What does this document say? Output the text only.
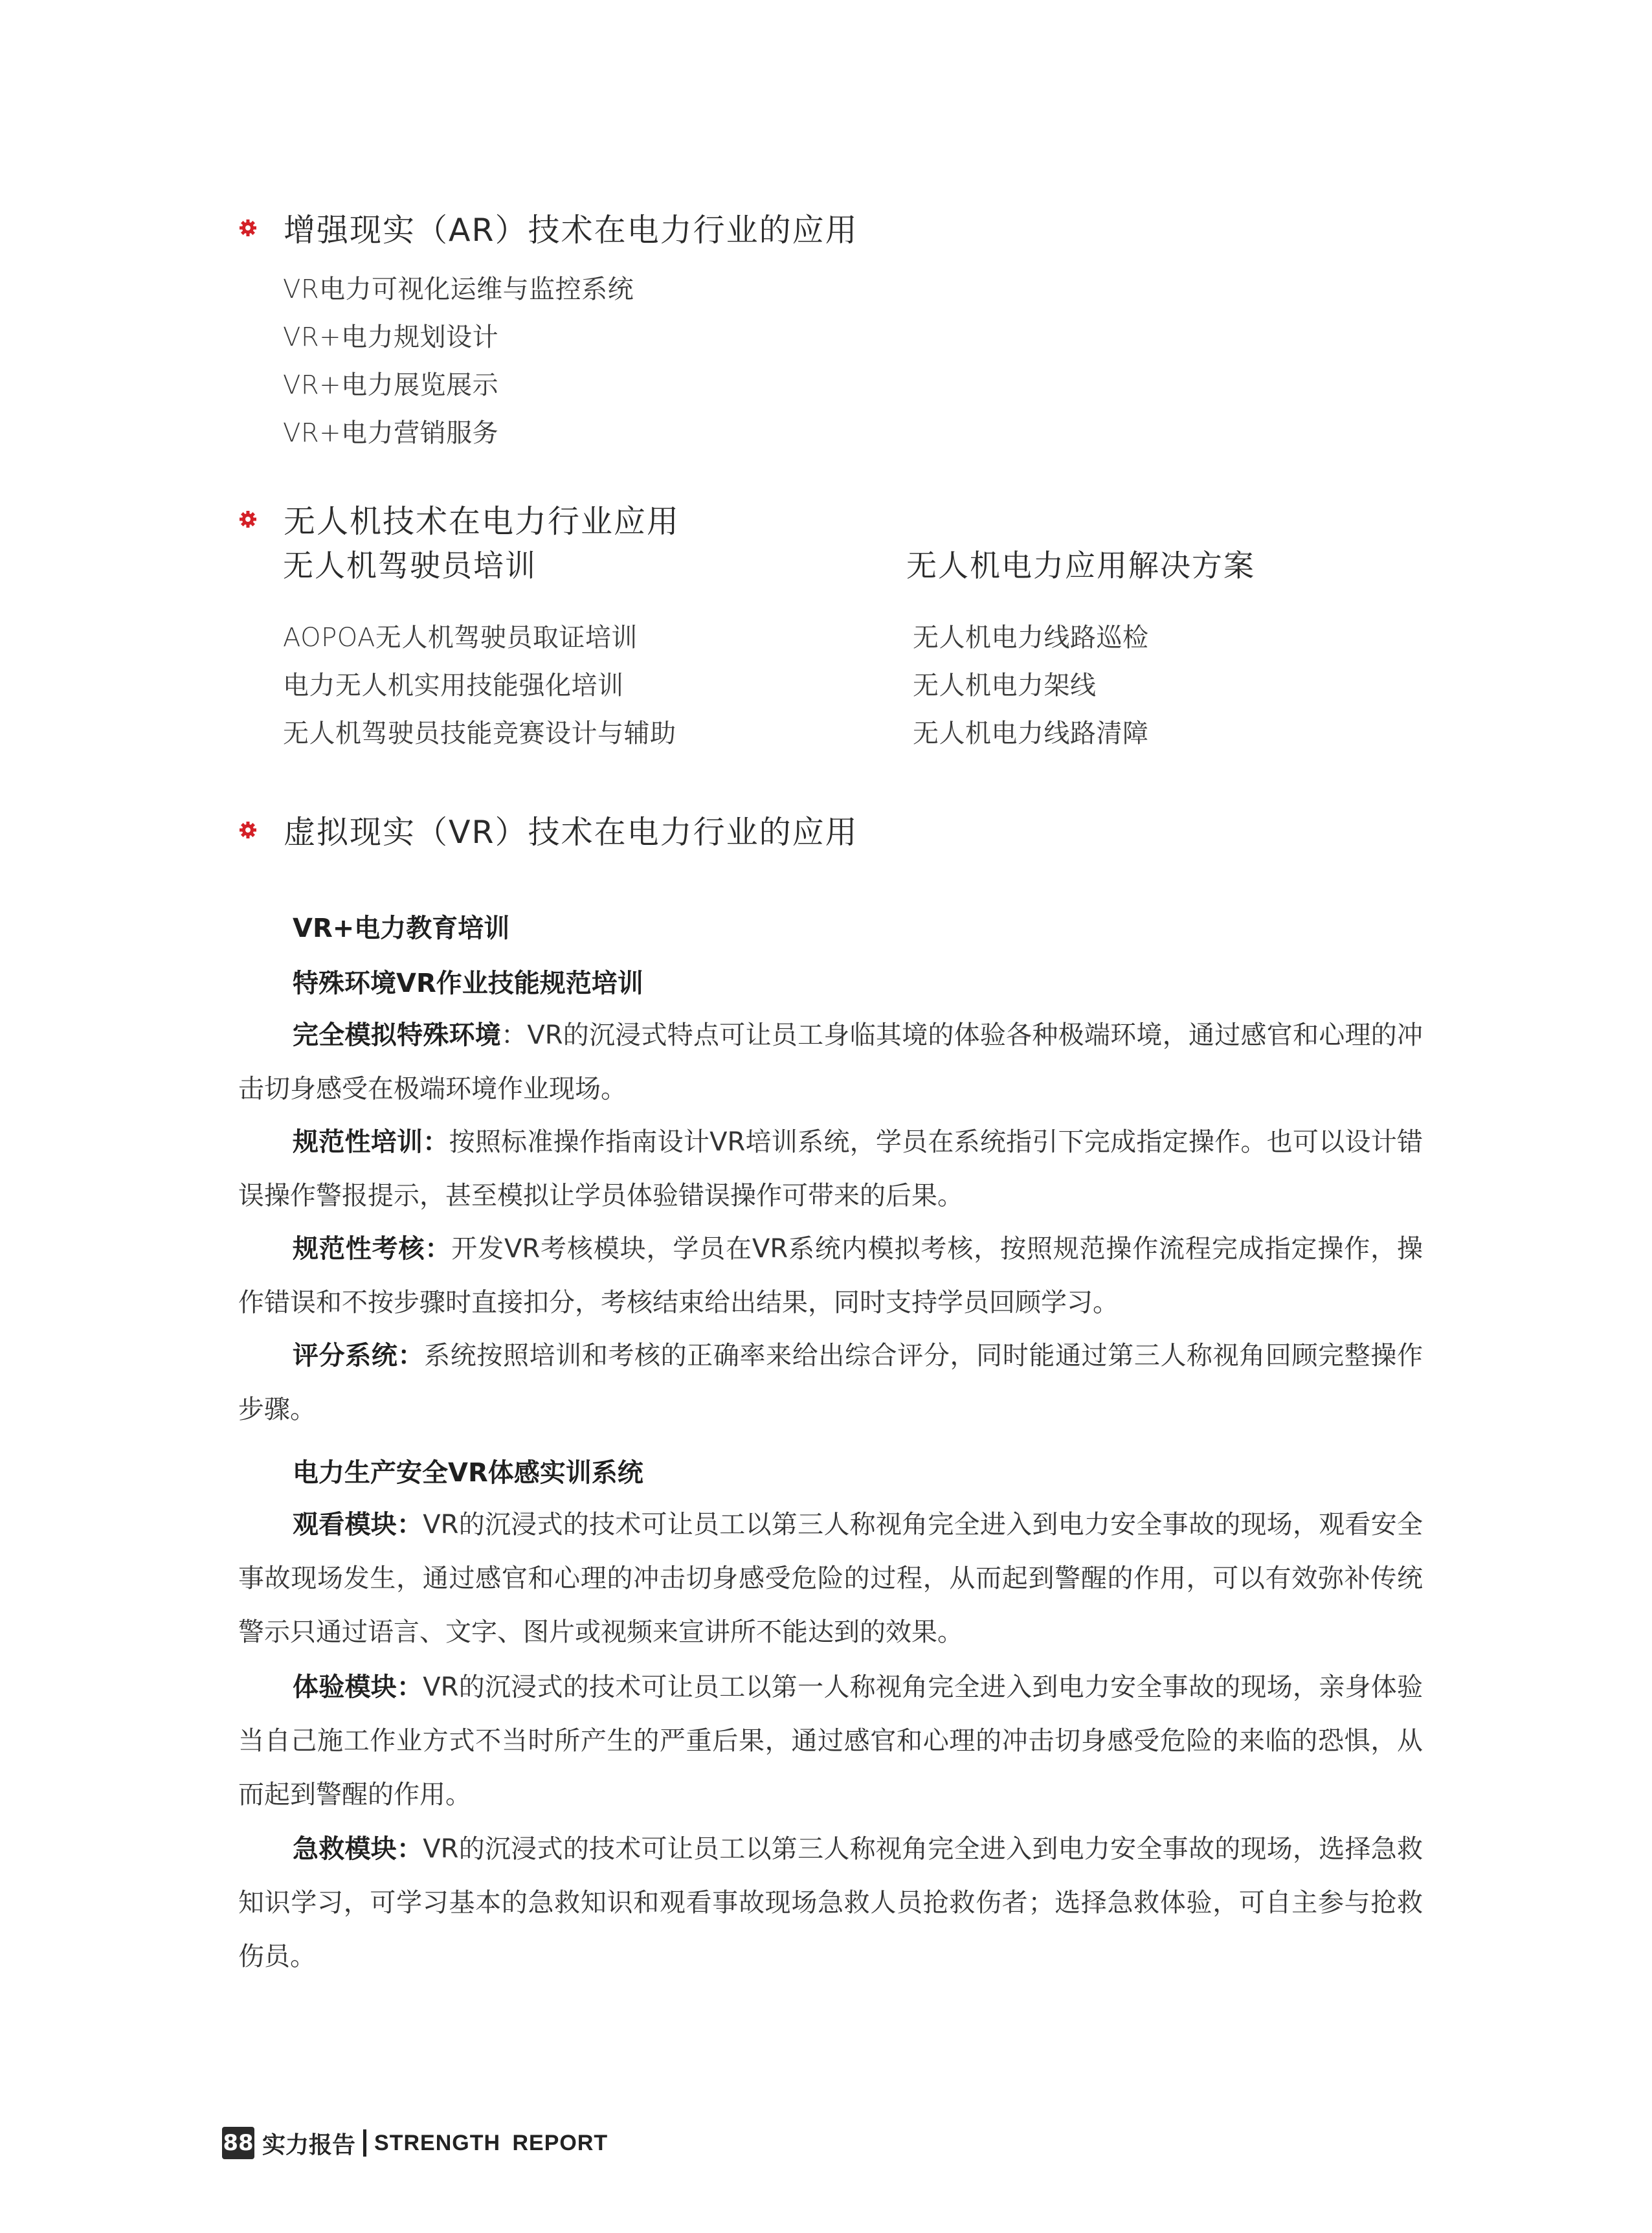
增强现实（AR）技术在电力行业的应用
VR电力可视化运维与监控系统
VR+电力规划设计
VR+电力展览展示
VR+电力营销服务
无人机技术在电力行业应用
无人机驾驶员培训	无人机电力应用解决方案
AOPOA无人机驾驶员取证培训
电力无人机实用技能强化培训
无人机驾驶员技能竞赛设计与辅助
无人机电力线路巡检
无人机电力架线
无人机电力线路清障
虚拟现实（VR）技术在电力行业的应用
VR+电力教育培训
特殊环境VR作业技能规范培训
完全模拟特殊环境：VR的沉浸式特点可让员工身临其境的体验各种极端环境，通过感官和心理的冲击切身感受在极端环境作业现场。
规范性培训：按照标准操作指南设计VR培训系统，学员在系统指引下完成指定操作。也可以设计错误操作警报提示，甚至模拟让学员体验错误操作可带来的后果。
规范性考核：开发VR考核模块，学员在VR系统内模拟考核，按照规范操作流程完成指定操作，操作错误和不按步骤时直接扣分，考核结束给出结果，同时支持学员回顾学习。
评分系统：系统按照培训和考核的正确率来给出综合评分，同时能通过第三人称视角回顾完整操作步骤。
电力生产安全VR体感实训系统
观看模块：VR的沉浸式的技术可让员工以第三人称视角完全进入到电力安全事故的现场，观看安全事故现场发生，通过感官和心理的冲击切身感受危险的过程，从而起到警醒的作用，可以有效弥补传统警示只通过语言、文字、图片或视频来宣讲所不能达到的效果。
体验模块：VR的沉浸式的技术可让员工以第一人称视角完全进入到电力安全事故的现场，亲身体验当自己施工作业方式不当时所产生的严重后果，通过感官和心理的冲击切身感受危险的来临的恐惧，从而起到警醒的作用。
急救模块：VR的沉浸式的技术可让员工以第三人称视角完全进入到电力安全事故的现场，选择急救知识学习，可学习基本的急救知识和观看事故现场急救人员抢救伤者；选择急救体验，可自主参与抢救伤员。
88 实力报告 STRENGTH REPORT
